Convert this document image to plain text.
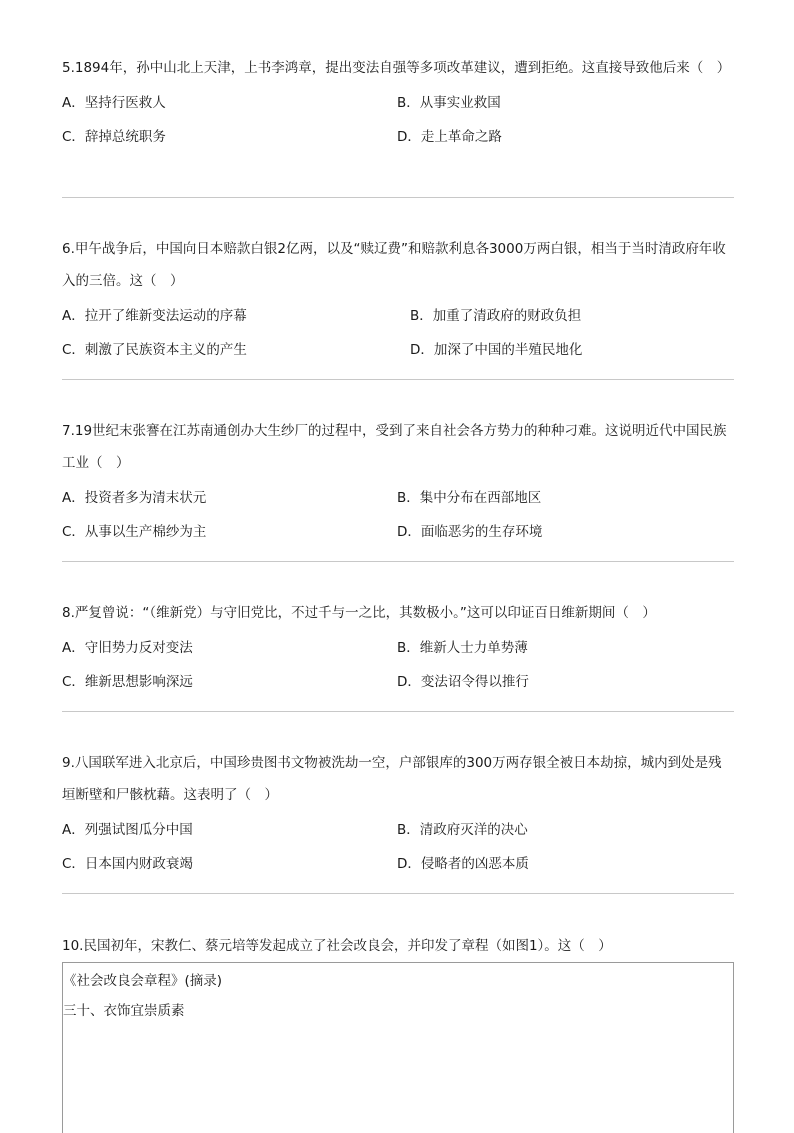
5.1894年，孙中山北上天津，上书李鸿章，提出变法自强等多项改革建议，遭到拒绝。这直接导致他后来（　）

A．坚持行医救人	B．从事实业救国
C．辞掉总统职务	D．走上革命之路

6.甲午战争后，中国向日本赔款白银2亿两，以及“赎辽费”和赔款利息各3000万两白银，相当于当时清政府年收入的三倍。这（　）

A．拉开了维新变法运动的序幕	B．加重了清政府的财政负担
C．刺激了民族资本主义的产生	D．加深了中国的半殖民地化

7.19世纪末张謇在江苏南通创办大生纱厂的过程中，受到了来自社会各方势力的种种刁难。这说明近代中国民族工业（　）

A．投资者多为清末状元	B．集中分布在西部地区
C．从事以生产棉纱为主	D．面临恶劣的生存环境

8.严复曾说：“（维新党）与守旧党比，不过千与一之比，其数极小。”这可以印证百日维新期间（　）

A．守旧势力反对变法	B．维新人士力单势薄
C．维新思想影响深远	D．变法诏令得以推行

9.八国联军进入北京后，中国珍贵图书文物被洗劫一空，户部银库的300万两存银全被日本劫掠，城内到处是残垣断壁和尸骸枕藉。这表明了（　）

A．列强试图瓜分中国	B．清政府灭洋的决心
C．日本国内财政衰竭	D．侵略者的凶恶本质

10.民国初年，宋教仁、蔡元培等发起成立了社会改良会，并印发了章程（如图1）。这（　）

《社会改良会章程》(摘录)
三十、衣饰宜崇质素
